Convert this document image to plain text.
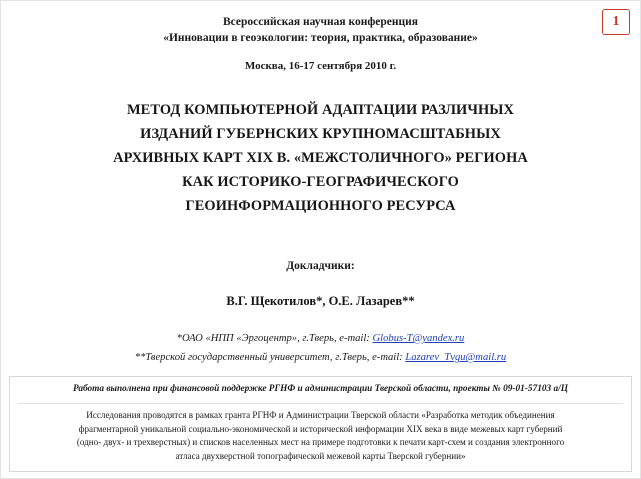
1
Всероссийская научная конференция
«Инновации в геоэкологии: теория, практика, образование»
Москва, 16-17 сентября 2010 г.
МЕТОД КОМПЬЮТЕРНОЙ АДАПТАЦИИ РАЗЛИЧНЫХ
ИЗДАНИЙ ГУБЕРНСКИХ КРУПНОМАСШТАБНЫХ
АРХИВНЫХ КАРТ XIX В. «МЕЖСТОЛИЧНОГО» РЕГИОНА
КАК ИСТОРИКО-ГЕОГРАФИЧЕСКОГО
ГЕОИНФОРМАЦИОННОГО РЕСУРСА
Докладчики:
В.Г. Щекотилов*, О.Е. Лазарев**
*ОАО «НПП «Эргоцентр», г.Тверь, e-mail: Globus-T@yandex.ru
**Тверской государственный университет, г.Тверь, e-mail: Lazarev_Tvgu@mail.ru
Работа выполнена при финансовой поддержке РГНФ и администрации Тверской области, проекты № 09-01-57103 а/Ц
Исследования проводятся в рамках гранта РГНФ и Администрации Тверской области «Разработка методик объединения
фрагментарной уникальной социально-экономической и исторической информации XIX века в виде межевых карт губерний
(одно- двух- и трехверстных) и списков населенных мест на примере подготовки к печати карт-схем и создания электронного
атласа двухверстной топографической межевой карты Тверской губернии»
